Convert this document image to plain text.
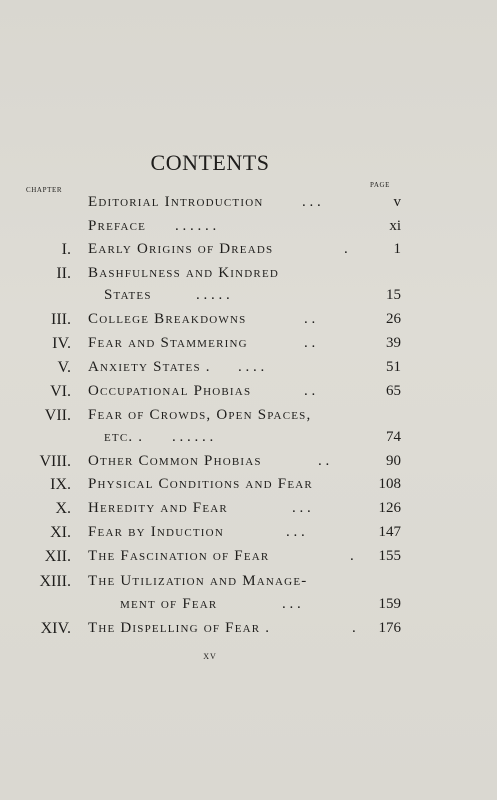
CONTENTS
CHAPTER
PAGE
Editorial Introduction	. . .	v
Preface . . . . . .	xi
I. Early Origins of Dreads	.	1
II. Bashfulness and Kindred
States	. . . . .	15
III. College Breakdowns	. .	26
IV. Fear and Stammering	. .	39
V. Anxiety States . . . . .	51
VI. Occupational Phobias	. .	65
VII. Fear of Crowds, Open Spaces,
etc. . . . . . . .	74
VIII. Other Common Phobias	. .	90
IX. Physical Conditions and Fear	108
X. Heredity and Fear	. . .	126
XI. Fear by Induction	. . .	147
XII. The Fascination of Fear	. 155
XIII. The Utilization and Manage-
ment of Fear	. . .	159
XIV. The Dispelling of Fear .	. 176
xv
